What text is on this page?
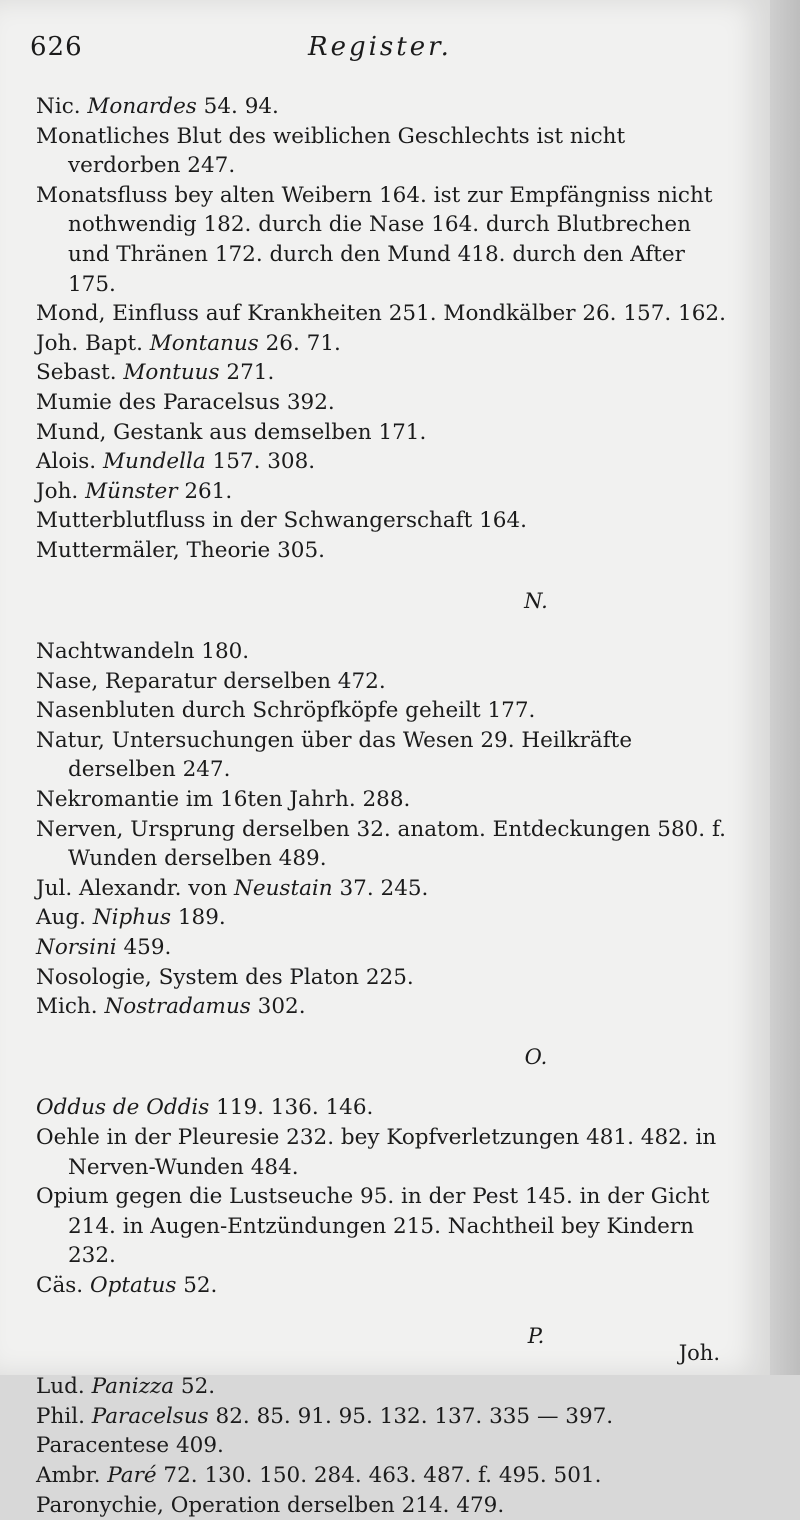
626	Register.

Nic. Monardes 54. 94.

Monatliches Blut des weiblichen Geschlechts ist nicht verdorben 247.

Monatsfluss bey alten Weibern 164. ist zur Empfängniss nicht nothwendig 182. durch die Nase 164. durch Blutbrechen und Thränen 172. durch den Mund 418. durch den After 175.

Mond, Einfluss auf Krankheiten 251. Mondkälber 26. 157. 162.

Joh. Bapt. Montanus 26. 71.

Sebast. Montuus 271.

Mumie des Paracelsus 392.

Mund, Gestank aus demselben 171.

Alois. Mundella 157. 308.

Joh. Münster 261.

Mutterblutfluss in der Schwangerschaft 164.

Muttermäler, Theorie 305.

N.

Nachtwandeln 180.

Nase, Reparatur derselben 472.

Nasenbluten durch Schröpfköpfe geheilt 177.

Natur, Untersuchungen über das Wesen 29. Heilkräfte derselben 247.

Nekromantie im 16ten Jahrh. 288.

Nerven, Ursprung derselben 32. anatom. Entdeckungen 580. f. Wunden derselben 489.

Jul. Alexandr. von Neustain 37. 245.

Aug. Niphus 189.

Norsini 459.

Nosologie, System des Platon 225.

Mich. Nostradamus 302.

O.

Oddus de Oddis 119. 136. 146.

Oehle in der Pleuresie 232. bey Kopfverletzungen 481. 482. in Nerven-Wunden 484.

Opium gegen die Lustseuche 95. in der Pest 145. in der Gicht 214. in Augen-Entzündungen 215. Nachtheil bey Kindern 232.

Cäs. Optatus 52.

P.

Lud. Panizza 52.

Phil. Paracelsus 82. 85. 91. 95. 132. 137. 335 — 397.

Paracentese 409.

Ambr. Paré 72. 130. 150. 284. 463. 487. f. 495. 501.

Paronychie, Operation derselben 214. 479.

Joh.
